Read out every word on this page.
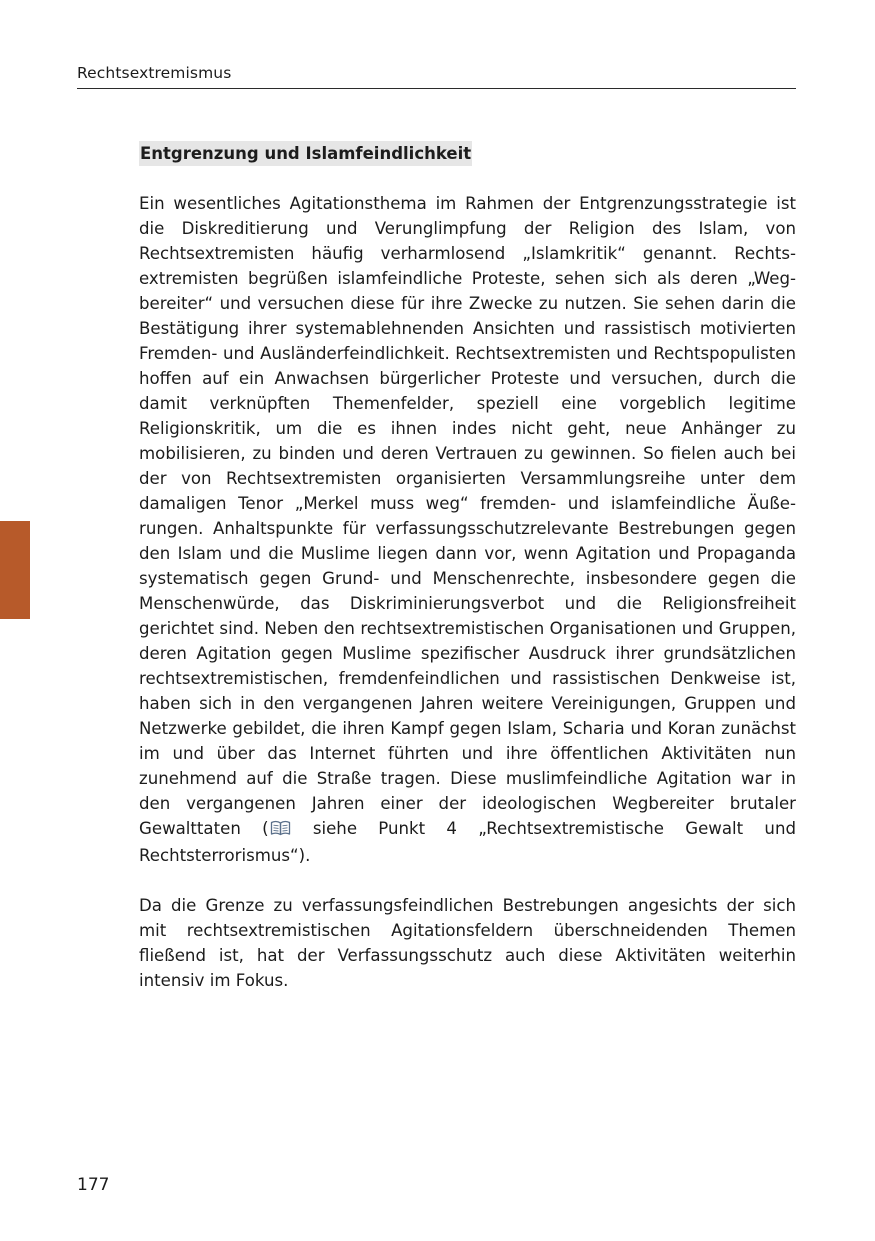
Rechtsextremismus
Entgrenzung und Islamfeindlichkeit

Ein wesentliches Agitationsthema im Rahmen der Entgrenzungsstrategie ist die Diskreditierung und Verunglimpfung der Religion des Islam, von Rechtsextremisten häufig verharmlosend „Islamkritik“ genannt. Rechtsextremisten begrüßen islamfeindliche Proteste, sehen sich als deren „Wegbereiter“ und versuchen diese für ihre Zwecke zu nutzen. Sie sehen darin die Bestätigung ihrer systemablehnenden Ansichten und rassistisch motivierten Fremden- und Ausländerfeindlichkeit. Rechtsextremisten und Rechtspopulisten hoffen auf ein Anwachsen bürgerlicher Proteste und versuchen, durch die damit verknüpften Themenfelder, speziell eine vorgeblich legitime Religionskritik, um die es ihnen indes nicht geht, neue Anhänger zu mobilisieren, zu binden und deren Vertrauen zu gewinnen. So fielen auch bei der von Rechtsextremisten organisierten Versammlungsreihe unter dem damaligen Tenor „Merkel muss weg“ fremden- und islamfeindliche Äußerungen. Anhaltspunkte für verfassungsschutzrelevante Bestrebungen gegen den Islam und die Muslime liegen dann vor, wenn Agitation und Propaganda systematisch gegen Grund- und Menschenrechte, insbesondere gegen die Menschenwürde, das Diskriminierungsverbot und die Religionsfreiheit gerichtet sind. Neben den rechtsextremistischen Organisationen und Gruppen, deren Agitation gegen Muslime spezifischer Ausdruck ihrer grundsätzlichen rechtsextremistischen, fremdenfeindlichen und rassistischen Denkweise ist, haben sich in den vergangenen Jahren weitere Vereinigungen, Gruppen und Netzwerke gebildet, die ihren Kampf gegen Islam, Scharia und Koran zunächst im und über das Internet führten und ihre öffentlichen Aktivitäten nun zunehmend auf die Straße tragen. Diese muslimfeindliche Agitation war in den vergangenen Jahren einer der ideologischen Wegbereiter brutaler Gewalttaten ( siehe Punkt 4 „Rechtsextremistische Gewalt und Rechtsterrorismus“).

Da die Grenze zu verfassungsfeindlichen Bestrebungen angesichts der sich mit rechtsextremistischen Agitationsfeldern überschneidenden Themen fließend ist, hat der Verfassungsschutz auch diese Aktivitäten weiterhin intensiv im Fokus.

177
